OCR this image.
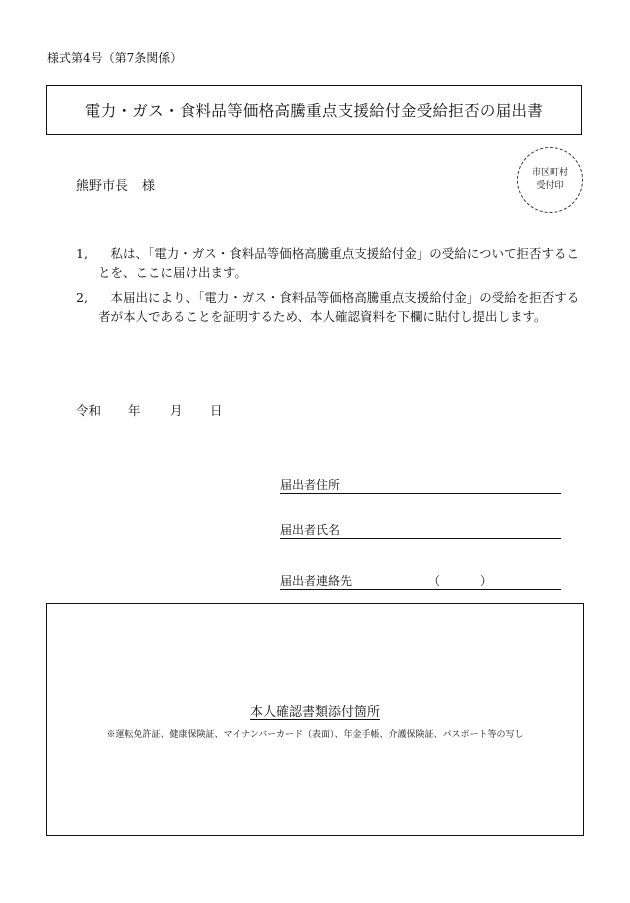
様式第4号（第7条関係）
電力・ガス・食料品等価格高騰重点支援給付金受給拒否の届出書
熊野市長 様
市区町村
受付印
1,	私は、「電力・ガス・食料品等価格高騰重点支援給付金」の受給について拒否することを、ここに届け出ます。
2,	本届出により、「電力・ガス・食料品等価格高騰重点支援給付金」の受給を拒否する者が本人であることを証明するため、本人確認資料を下欄に貼付し提出します。
令和	年	月	日
届出者住所
届出者氏名
届出者連絡先	（	）
本人確認書類添付箇所
※運転免許証、健康保険証、マイナンバーカード（表面）、年金手帳、介護保険証、パスポート等の写し
